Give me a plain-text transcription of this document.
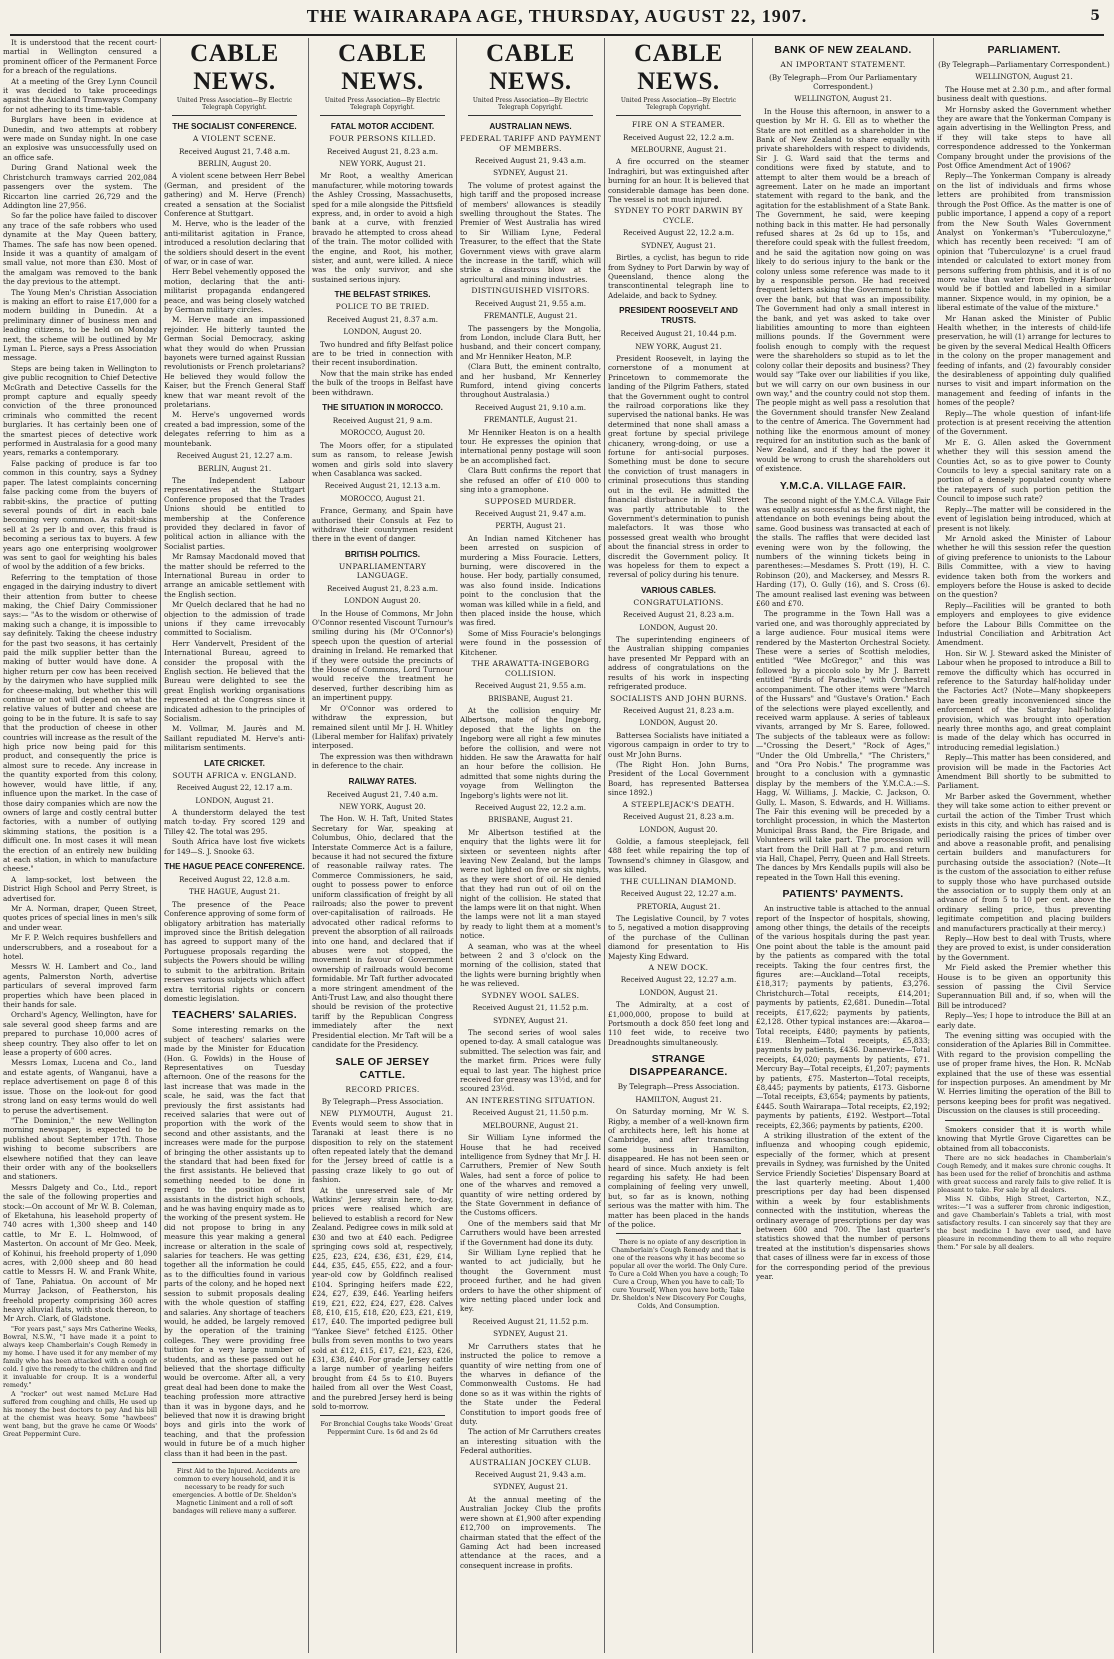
THE WAIRARAPA AGE, THURSDAY, AUGUST 22, 1907.	5
It is understood that the recent court-martial in Wellington censured a prominent officer of the Permanent Force for a breach of the regulations.
At a meeting of the Grey Lynn Council it was decided to take proceedings against the Auckland Tramways Company for not adhering to its time-table.
Burglars have been in evidence at Dunedin, and two attempts at robbery were made on Sunday night. In one case an explosive was unsuccessfully used on an office safe.
During Grand National week the Christchurch tramways carried 202,084 passengers over the system. The Riccarton line carried 26,729 and the Addington line 27,956.
So far the police have failed to discover any trace of the safe robbers who used dynamite at the May Queen battery, Thames. The safe has now been opened. Inside it was a quantity of amalgam of small value, not more than £30. Most of the amalgam was removed to the bank the day previous to the attempt.
The Young Men's Christian Association is making an effort to raise £17,000 for a modern building in Dunedin. At a preliminary dinner of business men and leading citizens, to be held on Monday next, the scheme will be outlined by Mr Lyman L. Pierce, says a Press Association message.
Steps are being taken in Wellington to give public recognition to Chief Detective McGrath and Detective Cassells for the prompt capture and equally speedy conviction of the three pronounced criminals who committed the recent burglaries. It has certainly been one of the smartest pieces of detective work performed in Australasia for a good many years, remarks a contemporary.
False packing of produce is far too common in this country, says a Sydney paper. The latest complaints concerning false packing come from the buyers of rabbit-skins, the practice of putting several pounds of dirt in each bale becoming very common. As rabbit-skins sell at 2s per lb and over, this fraud is becoming a serious tax to buyers. A few years ago one enterprising woolgrower was sent to gaol for weighting his bales of wool by the addition of a few bricks.
Referring to the temptation of those engaged in the dairying industry to divert their attention from butter to cheese making, the Chief Dairy Commissioner says:— "As to the wisdom or otherwise of making such a change, it is impossible to say definitely. Taking the cheese industry for the past two seasons, it has certainly paid the milk supplier better than the making of butter would have done. A higher return per cow has been received by the dairymen who have supplied milk for cheese-making, but whether this will continue or not will depend on what the relative values of butter and cheese are going to be in the future. It is safe to say that the production of cheese in other countries will increase as the result of the high price now being paid for this product, and consequently the price is almost sure to recede. Any increase in the quantity exported from this colony, however, would have little, if any, influence upon the market. In the case of those dairy companies which are now the owners of large and costly central butter factories, with a number of outlying skimming stations, the position is a difficult one. In most cases it will mean the erection of an entirely new building at each station, in which to manufacture cheese."
A lamp-socket, lost between the District High School and Perry Street, is advertised for.
Mr A. Norman, draper, Queen Street, quotes prices of special lines in men's silk and under wear.
Mr F. P. Welch requires bushfellers and underscrubbers, and a roseabout for a hotel.
Messrs W. H. Lambert and Co., land agents, Palmerston North, advertise particulars of several improved farm properties which have been placed in their hands for sale.
Orchard's Agency, Wellington, have for sale several good sheep farms and are prepared to purchase 10,000 acres of sheep country. They also offer to let on lease a property of 600 acres.
Messrs Lomax, Lucena and Co., land and estate agents, of Wanganui, have a replace advertisement on page 8 of this issue. Those on the look-out for good strong land on easy terms would do well to peruse the advertisement.
"The Dominion," the new Wellington morning newspaper, is expected to be published about September 17th. Those wishing to become subscribers are elsewhere notified that they can leave their order with any of the booksellers and stationers.
Messrs Dalgety and Co., Ltd., report the sale of the following properties and stock:—On account of Mr W. B. Coleman, of Eketahuna, his leasehold property of 740 acres with 1,300 sheep and 140 cattle, to Mr E. L. Holmwood, of Masterton. On account of Mr Geo. Meek, of Kohinui, his freehold property of 1,090 acres, with 2,000 sheep and 80 head cattle to Messrs H. W. and Frank White, of Tane, Pahiatua. On account of Mr Murray Jackson, of Featherston, his freehold property comprising 360 acres heavy alluvial flats, with stock thereon, to Mr Arch. Clark, of Gladstone.
"For years past," says Mrs Catherine Weeks, Bowral, N.S.W., "I have made it a point to always keep Chamberlain's Cough Remedy in my home. I have used it for any member of my family who has been attacked with a cough or cold. I give the remedy to the children and find it invaluable for croup. It is a wonderful remedy."
A "rocker" out west named McLure Had suffered from coughing and chills, He used up his money the best doctors to pay And his bill at the chemist was heavy. Some "hawbees" went bang, but the grave he came Of Woods' Great Peppermint Cure.
CABLE NEWS.
United Press Association—By Electric Telegraph Copyright.
THE SOCIALIST CONFERENCE.
A VIOLENT SCENE.
Received August 21, 7.48 a.m.
BERLIN, August 20.
A violent scene between Herr Bebel (German, and president of the gathering) and M. Herve (French) created a sensation at the Socialist Conference at Stuttgart.
M. Herve, who is the leader of the anti-militarist agitation in France, introduced a resolution declaring that the soldiers should desert in the event of war, or in case of war.
Herr Bebel vehemently opposed the motion, declaring that the anti-militarist propaganda endangered peace, and was being closely watched by German military circles.
M. Herve made an impassioned rejoinder. He bitterly taunted the German Social Democracy, asking what they would do when Prussian bayonets were turned against Russian revolutionists or French proletarians? He believed they would follow the Kaiser, but the French General Staff knew that war meant revolt of the proletarians.
M. Herve's ungoverned words created a bad impression, some of the delegates referring to him as a mountebank.
Received August 21, 12.27 a.m.
BERLIN, August 21.
The Independent Labour representatives at the Stuttgart Conference proposed that the Trades Unions should be entitled to membership at the Conference provided they declared in favor of political action in alliance with the Socialist parties.
Mr Ramsay Macdonald moved that the matter should be referred to the International Bureau in order to arrange an amicable settlement with the English section.
Mr Quelch declared that he had no objection to the admission of trade unions if they came irrevocably committed to Socialism.
Herr Vandervelt, President of the International Bureau, agreed to consider the proposal with the English section. He believed that the Bureau were delighted to see the great English working organisations represented at the Congress since it indicated adhesion to the principles of Socialism.
M. Vollmar, M. Jaurès and M. Saillant repudiated M. Herve's anti-militarism sentiments.
LATE CRICKET.
SOUTH AFRICA v. ENGLAND.
Received August 22, 12.17 a.m.
LONDON, August 21.
A thunderstorm delayed the test match to-day. Fry scored 129 and Tilley 42. The total was 295.
South Africa have lost five wickets for 149—S. J. Snooke 63.
THE HAGUE PEACE CONFERENCE.
Received August 22, 12.8 a.m.
THE HAGUE, August 21.
The presence of the Peace Conference approving of some form of obligatory arbitration has materially improved since the British delegation has agreed to support many of the Portuguese proposals regarding the subjects the Powers should be willing to submit to the arbitration. Britain reserves various subjects which affect extra territorial rights or concern domestic legislation.
TEACHERS' SALARIES.
Some interesting remarks on the subject of teachers' salaries were made by the Minister for Education (Hon. G. Fowlds) in the House of Representatives on Tuesday afternoon. One of the reasons for the last increase that was made in the scale, he said, was the fact that previously the first assistants had received salaries that were out of proportion with the work of the second and other assistants, and the increases were made for the purpose of bringing the other assistants up to the standard that had been fixed for the first assistants. He believed that something needed to be done in regard to the position of first assistants in the district high schools, and he was having enquiry made as to the working of the present system. He did not propose to bring in any measure this year making a general increase or alteration in the scale of salaries for teachers. He was getting together all the information he could as to the difficulties found in various parts of the colony, and he hoped next session to submit proposals dealing with the whole question of staffing and salaries. Any shortage of teachers would, he added, be largely removed by the operation of the training colleges. They were providing free tuition for a very large number of students, and as these passed out he believed that the shortage difficulty would be overcome. After all, a very great deal had been done to make the teaching profession more attractive than it was in bygone days, and he believed that now it is drawing bright boys and girls into the work of teaching, and that the profession would in future be of a much higher class than it had been in the past.
First Aid to the Injured. Accidents are common to every household, and it is necessary to be ready for such emergencies. A bottle of Dr. Sheldon's Magnetic Liniment and a roll of soft bandages will relieve many a sufferer.
CABLE NEWS.
United Press Association—By Electric Telegraph Copyright.
FATAL MOTOR ACCIDENT.
FOUR PERSONS KILLED.
Received August 21, 8.23 a.m.
NEW YORK, August 21.
Mr Root, a wealthy American manufacturer, while motoring towards the Ashley Crossing, Massachusetts, sped for a mile alongside the Pittsfield express, and, in order to avoid a high bank at a curve, with frenzied bravado he attempted to cross ahead of the train. The motor collided with the engine, and Root, his mother, sister, and aunt, were killed. A niece was the only survivor, and she sustained serious injury.
THE BELFAST STRIKES.
POLICE TO BE TRIED.
Received August 21, 8.37 a.m.
LONDON, August 20.
Two hundred and fifty Belfast police are to be tried in connection with their recent insubordination.
Now that the main strike has ended the bulk of the troops in Belfast have been withdrawn.
THE SITUATION IN MOROCCO.
Received August 21, 9 a.m.
MOROCCO, August 20.
The Moors offer, for a stipulated sum as ransom, to release Jewish women and girls sold into slavery when Casablanca was sacked.
Received August 21, 12.13 a.m.
MOROCCO, August 21.
France, Germany, and Spain have authorised their Consuls at Fez to withdraw their countrymen resident there in the event of danger.
BRITISH POLITICS.
UNPARLIAMENTARY LANGUAGE.
Received August 21, 8.23 a.m.
LONDON August 20.
In the House of Commons, Mr John O'Connor resented Viscount Turnour's smiling during his (Mr O'Connor's) speech upon the question of arterial draining in Ireland. He remarked that if they were outside the precincts of the House of Commons, Lord Turnour would receive the treatment he deserved, further describing him as an impertinent puppy.
Mr O'Connor was ordered to withdraw the expression, but remained silent until Mr J. H. Whitley (Liberal member for Halifax) privately interposed.
The expression was then withdrawn in deference to the chair.
RAILWAY RATES.
Received August 21, 7.40 a.m.
NEW YORK, August 20.
The Hon. W. H. Taft, United States Secretary for War, speaking at Columbus, Ohio, declared that the Interstate Commerce Act is a failure, because it had not secured the fixture of reasonable railway rates. The Commerce Commissioners, he said, ought to possess power to enforce uniform classification of freight by all railroads; also the power to prevent over-capitalisation of railroads. He advocated other radical reforms to prevent the absorption of all railroads into one hand, and declared that if abuses were not stopped, the movement in favour of Government ownership of railroads would become formidable. Mr Taft further advocated a more stringent amendment of the Anti-Trust Law, and also thought there should be revision of the protective tariff by the Republican Congress immediately after the next Presidential election. Mr Taft will be a candidate for the Presidency.
SALE OF JERSEY CATTLE.
RECORD PRICES.
By Telegraph—Press Association.
NEW PLYMOUTH, August 21. Events would seem to show that in Taranaki at least there is no disposition to rely on the statement often repeated lately that the demand for the Jersey breed of cattle is a passing craze likely to go out of fashion.
At the unreserved sale of Mr Watkins' Jersey strain here, to-day, prices were realised which are believed to establish a record for New Zealand. Pedigree cows in milk sold at £30 and two at £40 each. Pedigree springing cows sold at, respectively, £25, £23, £24, £36, £31, £29, £14, £44, £35, £45, £55, £22, and a four-year-old cow by Goldfinch realised £104. Springing heifers made £22, £24, £27, £39, £46. Yearling heifers £19, £21, £22, £24, £27, £28. Calves £8, £10, £15, £18, £20, £23, £21, £19, £17, £40. The imported pedigree bull "Yankee Sieve" fetched £125. Other bulls from seven months to two years sold at £12, £15, £17, £21, £23, £26, £31, £38, £40. For grade Jersey cattle a large number of yearling heifers brought from £4 5s to £10. Buyers hailed from all over the West Coast, and the purebred Jersey herd is being sold to-morrow.
For Bronchial Coughs take Woods' Great Peppermint Cure. 1s 6d and 2s 6d
CABLE NEWS.
United Press Association—By Electric Telegraph Copyright.
AUSTRALIAN NEWS.
FEDERAL TARIFF AND PAYMENT OF MEMBERS.
Received August 21, 9.43 a.m.
SYDNEY, August 21.
The volume of protest against the high tariff and the proposed increase of members' allowances is steadily swelling throughout the States. The Premier of West Australia has wired to Sir William Lyne, Federal Treasurer, to the effect that the State Government views with grave alarm the increase in the tariff, which will strike a disastrous blow at the agricultural and mining industries.
DISTINGUISHED VISITORS.
Received August 21, 9.55 a.m.
FREMANTLE, August 21.
The passengers by the Mongolia, from London, include Clara Butt, her husband, and their concert company, and Mr Henniker Heaton, M.P.
(Clara Butt, the eminent contralto, and her husband, Mr Kennerley Rumford, intend giving concerts throughout Australasia.)
Received August 21, 9.10 a.m.
FREMANTLE, August 21.
Mr Henniker Heaton is on a health tour. He expresses the opinion that international penny postage will soon be an accomplished fact.
Clara Butt confirms the report that she refused an offer of £10 000 to sing into a gramophone.
SUPPOSED MURDER.
Received August 21, 9.47 a.m.
PERTH, August 21.
An Indian named Kitchener has been arrested on suspicion of murdering a Miss Fouracie. Letters, burning, were discovered in the house. Her body, partially consumed, was also found inside. Indications point to the conclusion that the woman was killed while in a field, and then placed inside the house, which was fired.
Some of Miss Fouracie's belongings were found in the possession of Kitchener.
THE ARAWATTA-INGEBORG COLLISION.
Received August 21, 9.55 a.m.
BRISBANE, August 21.
At the collision enquiry Mr Albertson, mate of the Ingeborg, deposed that the lights on the Ingeborg were all right a few minutes before the collision, and were not hidden. He saw the Arawatta for half an hour before the collision. He admitted that some nights during the voyage from Wellington the Ingeborg's lights were not lit.
Received August 22, 12.2 a.m.
BRISBANE, August 21.
Mr Albertson testified at the enquiry that the lights were lit for sixteen or seventeen nights after leaving New Zealand, but the lamps were not lighted on five or six nights, as they were short of oil. He denied that they had run out of oil on the night of the collision. He stated that the lamps were lit on that night. When the lamps were not lit a man stayed by ready to light them at a moment's notice.
A seaman, who was at the wheel between 2 and 3 o'clock on the morning of the collision, stated that the lights were burning brightly when he was relieved.
SYDNEY WOOL SALES.
Received August 21, 11.52 p.m.
SYDNEY, August 21.
The second series of wool sales opened to-day. A small catalogue was submitted. The selection was fair, and the market firm. Prices were fully equal to last year. The highest price received for greasy was 13½d, and for scoured 23½d.
AN INTERESTING SITUATION.
Received August 21, 11.50 p.m.
MELBOURNE, August 21.
Sir William Lyne informed the House that he had received intelligence from Sydney that Mr J. H. Carruthers, Premier of New South Wales, had sent a force of police to one of the wharves and removed a quantity of wire netting ordered by the State Government in defiance of the Customs officers.
One of the members said that Mr Carruthers would have been arrested if the Government had done its duty.
Sir William Lyne replied that he wanted to act judicially, but he thought the Government must proceed further, and he had given orders to have the other shipment of wire netting placed under lock and key.
Received August 21, 11.52 p.m.
SYDNEY, August 21.
Mr Carruthers states that he instructed the police to remove a quantity of wire netting from one of the wharves in defiance of the Commonwealth Customs. He had done so as it was within the rights of the State under the Federal Constitution to import goods free of duty.
The action of Mr Carruthers creates an interesting situation with the Federal authorities.
AUSTRALIAN JOCKEY CLUB.
Received August 21, 9.43 a.m.
SYDNEY, August 21.
At the annual meeting of the Australian Jockey Club the profits were shown at £1,900 after expending £12,700 on improvements. The chairman stated that the effect of the Gaming Act had been increased attendance at the races, and a consequent increase in profits.
CABLE NEWS.
United Press Association—By Electric Telegraph Copyright.
FIRE ON A STEAMER.
Received August 22, 12.2 a.m.
MELBOURNE, August 21.
A fire occurred on the steamer Indraghiri, but was extinguished after burning for an hour. It is believed that considerable damage has been done. The vessel is not much injured.
SYDNEY TO PORT DARWIN BY CYCLE.
Received August 22, 12.2 a.m.
SYDNEY, August 21.
Birtles, a cyclist, has begun to ride from Sydney to Port Darwin by way of Queensland, thence along the transcontinental telegraph line to Adelaide, and back to Sydney.
PRESIDENT ROOSEVELT AND TRUSTS.
Received August 21, 10.44 p.m.
NEW YORK, August 21.
President Roosevelt, in laying the cornerstone of a monument at Princetown to commemorate the landing of the Pilgrim Fathers, stated that the Government ought to control the railroad corporations like they supervised the national banks. He was determined that none shall amass a great fortune by special privilege chicanery, wrong-doing, or use a fortune for anti-social purposes. Something must be done to secure the conviction of trust managers in criminal prosecutions thus standing out in the evil. He admitted the financial disturbance in Wall Street was partly attributable to the Government's determination to punish malefactors. It was those who possessed great wealth who brought about the financial stress in order to discredit the Government policy. It was hopeless for them to expect a reversal of policy during his tenure.
VARIOUS CABLES.
CONGRATULATIONS.
Received August 21, 8.23 a.m.
LONDON, August 20.
The superintending engineers of the Australian shipping companies have presented Mr Peppard with an address of congratulations on the results of his work in inspecting refrigerated produce.
SOCIALISTS AND JOHN BURNS.
Received August 21, 8.23 a.m.
LONDON, August 20.
Battersea Socialists have initiated a vigorous campaign in order to try to oust Mr John Burns.
(The Right Hon. John Burns, President of the Local Government Board, has represented Battersea since 1892.)
A STEEPLEJACK'S DEATH.
Received August 21, 8.23 a.m.
LONDON, August 20.
Goldie, a famous steeplejack, fell 488 feet while repairing the top of Townsend's chimney in Glasgow, and was killed.
THE CULLINAN DIAMOND.
Received August 22, 12.27 a.m.
PRETORIA, August 21.
The Legislative Council, by 7 votes to 5, negatived a motion disapproving of the purchase of the Cullinan diamond for presentation to His Majesty King Edward.
A NEW DOCK.
Received August 22, 12.27 a.m.
LONDON, August 21.
The Admiralty, at a cost of £1,000,000, propose to build at Portsmouth a dock 850 feet long and 110 feet wide, to receive two Dreadnoughts simultaneously.
STRANGE DISAPPEARANCE.
By Telegraph—Press Association.
HAMILTON, August 21.
On Saturday morning, Mr W. S. Rigby, a member of a well-known firm of architects here, left his home at Cambridge, and after transacting some business in Hamilton, disappeared. He has not been seen or heard of since. Much anxiety is felt regarding his safety. He had been complaining of feeling very unwell, but, so far as is known, nothing serious was the matter with him. The matter has been placed in the hands of the police.
There is no opiate of any description in Chamberlain's Cough Remedy and that is one of the reasons why it has become so popular all over the world. The Only Cure. To Cure a Cold When you have a cough; To Cure a Croup, When you have to call; To cure Yourself, When you have both; Take Dr. Sheldon's New Discovery For Coughs, Colds, And Consumption.
BANK OF NEW ZEALAND.
AN IMPORTANT STATEMENT.
(By Telegraph—From Our Parliamentary Correspondent.)
WELLINGTON, August 21.
In the House this afternoon, in answer to a question by Mr H. G. Ell as to whether the State are not entitled as a shareholder in the Bank of New Zealand to share equally with private shareholders with respect to dividends, Sir J. G. Ward said that the terms and conditions were fixed by statute, and to attempt to alter them would be a breach of agreement. Later on he made an important statement with regard to the bank, and the agitation for the establishment of a State Bank. The Government, he said, were keeping nothing back in this matter. He had personally refused shares at 2s 6d up to 15s, and therefore could speak with the fullest freedom, and he said the agitation now going on was likely to do serious injury to the bank or the colony unless some reference was made to it by a responsible person. He had received frequent letters asking the Government to take over the bank, but that was an impossibility. The Government had only a small interest in the bank, and yet was asked to take over liabilities amounting to more than eighteen millions pounds. If the Government were foolish enough to comply with the request were the shareholders so stupid as to let the colony collar their deposits and business? They would say "Take over our liabilities if you like, but we will carry on our own business in our own way," and the country could not stop them. The people might as well pass a resolution that the Government should transfer New Zealand to the centre of America. The Government had nothing like the enormous amount of money required for an institution such as the bank of New Zealand, and if they had the power it would be wrong to crush the shareholders out of existence.
Y.M.C.A. VILLAGE FAIR.
The second night of the Y.M.C.A. Village Fair was equally as successful as the first night, the attendance on both evenings being about the same. Good business was transacted at each of the stalls. The raffles that were decided last evening were won by the following, the numbers of the winning tickets being in parentheses:—Mesdames S. Prott (19), H. C. Robinson (20), and Mackersey, and Messrs R. Harding (17), O. Gully (16), and S. Cross (6). The amount realised last evening was between £60 and £70.
The programme in the Town Hall was a varied one, and was thoroughly appreciated by a large audience. Four musical items were rendered by the Masterton Orchestral Society. These were a series of Scottish melodies, entitled "Wee McGregor," and this was followed by a piccolo solo by Mr J. Barrett entitled "Birds of Paradise," with Orchestral accompaniment. The other items were "March of the Hussars" and "Gustave's Oration." Each of the selections were played excellently, and received warm applause. A series of tableaux vivants, arranged by Mr S. Earee, followed. The subjects of the tableaux were as follow:—"Crossing the Desert," "Rock of Ages," "Under the Old Umbrella," "The Christers," and "Ora Pro Nobis." The programme was brought to a conclusion with a gymnastic display by the members of the Y.M.C.A.:—S. Hagg, W. Williams, J. Mackie, C. Jackson, O. Gully, L. Mason, S. Edwards, and H. Williams. The Fair this evening will be preceded by a torchlight procession, in which the Masterton Municipal Brass Band, the Fire Brigade, and Volunteers will take part. The procession will start from the Drill Hall at 7 p.m. and return via Hall, Chapel, Perry, Queen and Hall Streets. The dances by Mrs Kendalls pupils will also be repeated in the Town Hall this evening.
PATIENTS' PAYMENTS.
An instructive table is attached to the annual report of the Inspector of hospitals, showing, among other things, the details of the receipts of the various hospitals during the past year. One point about the table is the amount paid by the patients as compared with the total receipts. Taking the four centres first, the figures are:—Auckland—Total receipts, £18,317; payments by patients, £3,276. Christchurch—Total receipts, £14,201; payments by patients, £2,681. Dunedin—Total receipts, £17,622; payments by patients, £2,128. Other typical instances are:—Akaroa—Total receipts, £480; payments by patients, £19. Blenheim—Total receipts, £5,833; payments by patients, £436. Dannevirke—Total receipts, £4,020; payments by patients, £71. Mercury Bay—Total receipts, £1,207; payments by patients, £75. Masterton—Total receipts, £8,445; payments by patients, £173. Gisborne—Total receipts, £3,654; payments by patients, £445. South Wairarapa—Total receipts, £2,192; payments by patients, £192. Westport—Total receipts, £2,366; payments by patients, £200.
A striking illustration of the extent of the influenza and whooping cough epidemic, especially of the former, which at present prevails in Sydney, was furnished by the United Service Friendly Societies' Dispensary Board at the last quarterly meeting. About 1,400 prescriptions per day had been dispensed within a week by four establishments connected with the institution, whereas the ordinary average of prescriptions per day was between 600 and 700. The last quarter's statistics showed that the number of persons treated at the institution's dispensaries shows that cases of illness were far in excess of those for the corresponding period of the previous year.
PARLIAMENT.
(By Telegraph—Parliamentary Correspondent.)
WELLINGTON, August 21.
The House met at 2.30 p.m., and after formal business dealt with questions.
Mr Hornsby asked the Government whether they are aware that the Yonkerman Company is again advertising in the Wellington Press, and if they will take steps to have all correspondence addressed to the Yonkerman Company brought under the provisions of the Post Office Amendment Act of 1906?
Reply—The Yonkerman Company is already on the list of individuals and firms whose letters are prohibited from transmission through the Post Office. As the matter is one of public importance, I append a copy of a report from the New South Wales Government Analyst on Yonkerman's "Tuberculozyne," which has recently been received: "I am of opinion that 'Tuberculozyne' is a cruel fraud intended or calculated to extort money from persons suffering from phthisis, and it is of no more value than water from Sydney Harbour would be if bottled and labelled in a similar manner. Sixpence would, in my opinion, be a liberal estimate of the value of the mixture."
Mr Hanan asked the Minister of Public Health whether, in the interests of child-life preservation, he will (1) arrange for lectures to be given by the several Medical Health Officers in the colony on the proper management and feeding of infants, and (2) favourably consider the desirableness of appointing duly qualified nurses to visit and impart information on the management and feeding of infants in the homes of the people?
Reply—The whole question of infant-life protection is at present receiving the attention of the Government.
Mr E. G. Allen asked the Government whether they will this session amend the Counties Act, so as to give power to County Councils to levy a special sanitary rate on a portion of a densely populated county where the ratepayers of such portion petition the Council to impose such rate?
Reply—The matter will be considered in the event of legislation being introduced, which at present is not likely.
Mr Arnold asked the Minister of Labour whether he will this session refer the question of giving preference to unionists to the Labour Bills Committee, with a view to having evidence taken both from the workers and employers before the House is asked to decide on the question?
Reply—Facilities will be granted to both employers and employees to give evidence before the Labour Bills Committee on the Industrial Conciliation and Arbitration Act Amendment.
Hon. Sir W. J. Steward asked the Minister of Labour when he proposed to introduce a Bill to remove the difficulty which has occurred in reference to the Saturday half-holiday under the Factories Act? (Note—Many shopkeepers have been greatly inconvenienced since the enforcement of the Saturday half-holiday provision, which was brought into operation nearly three months ago, and great complaint is made of the delay which has occurred in introducing remedial legislation.)
Reply—This matter has been considered, and provision will be made in the Factories Act Amendment Bill shortly to be submitted to Parliament.
Mr Barber asked the Government, whether they will take some action to either prevent or curtail the action of the Timber Trust which exists in this city, and which has raised and is periodically raising the prices of timber over and above a reasonable profit, and penalising certain builders and manufacturers for purchasing outside the association? (Note—It is the custom of the association to either refuse to supply those who have purchased outside the association or to supply them only at an advance of from 5 to 10 per cent. above the ordinary selling price, thus preventing legitimate competition and placing builders and manufacturers practically at their mercy.)
Reply—How best to deal with Trusts, where they are proved to exist, is under consideration by the Government.
Mr Field asked the Premier whether this House is to be given an opportunity this session of passing the Civil Service Superannuation Bill and, if so, when will the Bill be introduced?
Reply—Yes; I hope to introduce the Bill at an early date.
The evening sitting was occupied with the consideration of the Aplaries Bill in Committee. With regard to the provision compelling the use of proper frame hives, the Hon. R. McNab explained that the use of these was essential for inspection purposes. An amendment by Mr W. Herries limiting the operation of the Bill to persons keeping bees for profit was negatived. Discussion on the clauses is still proceeding.
Smokers consider that it is worth while knowing that Myrtle Grove Cigarettes can be obtained from all tobacconists.
There are no sick headaches in Chamberlain's Cough Remedy, and it makes sure chronic coughs. It has been used for the relief of bronchitis and asthma with great success and rarely fails to give relief. It is pleasant to take. For sale by all dealers.
Miss N. Gibbs, High Street, Carterton, N.Z., writes:—"I was a sufferer from chronic indigestion, and gave Chamberlain's Tablets a trial, with most satisfactory results. I can sincerely say that they are the best medicine I have ever used, and have pleasure in recommending them to all who require them." For sale by all dealers.
